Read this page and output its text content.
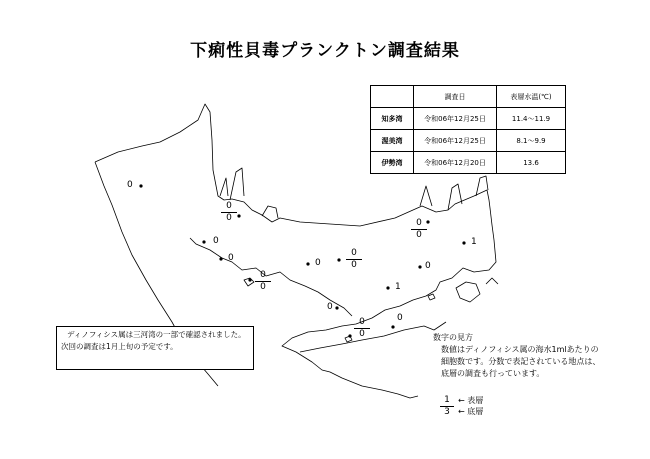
下痢性貝毒プランクトン調査結果
	調査日	表層水温(℃)
知多湾	令和06年12月25日	11.4〜11.9
渥美湾	令和06年12月25日	8.1〜9.9
伊勢湾	令和06年12月20日	13.6
0
0
0	0
1
0
1
0
0
$\frac{0}{0}$
$\frac{0}{0}$
$\frac{0}{0}$
$\frac{0}{0}$
$\frac{0}{0}$
ディノフィシス属は三河湾の一部で確認されました。
次回の調査は1月上旬の予定です。
数字の見方
数値はディノフィシス属の海水1mlあたりの細胞数です。分数で表記されている地点は、底層の調査も行っています。
1
3
← 表層
← 底層
